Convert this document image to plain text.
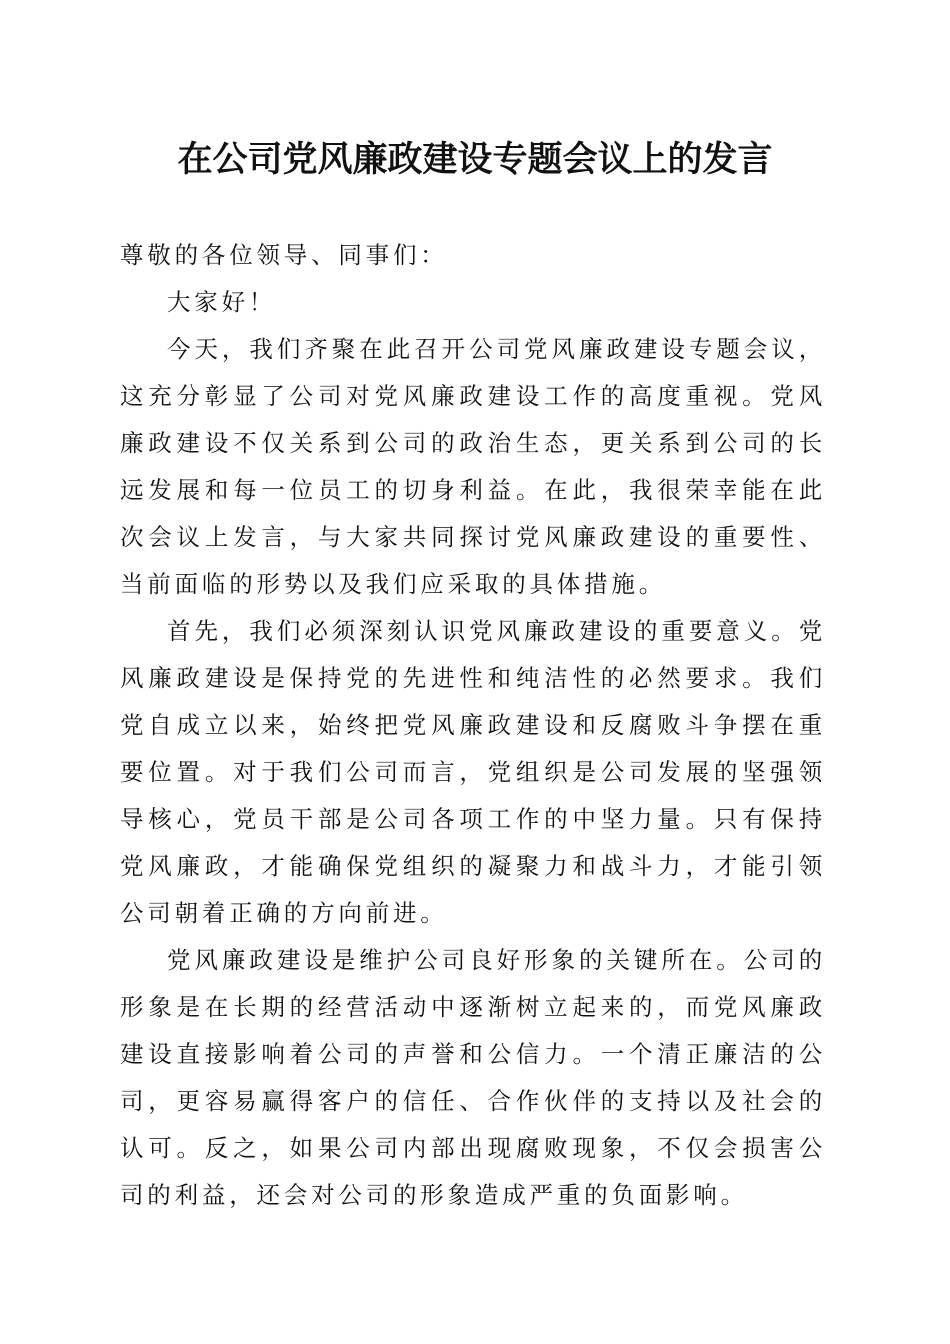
在公司党风廉政建设专题会议上的发言

尊敬的各位领导、同事们：

大家好！

今天，我们齐聚在此召开公司党风廉政建设专题会议，这充分彰显了公司对党风廉政建设工作的高度重视。党风廉政建设不仅关系到公司的政治生态，更关系到公司的长远发展和每一位员工的切身利益。在此，我很荣幸能在此次会议上发言，与大家共同探讨党风廉政建设的重要性、当前面临的形势以及我们应采取的具体措施。

首先，我们必须深刻认识党风廉政建设的重要意义。党风廉政建设是保持党的先进性和纯洁性的必然要求。我们党自成立以来，始终把党风廉政建设和反腐败斗争摆在重要位置。对于我们公司而言，党组织是公司发展的坚强领导核心，党员干部是公司各项工作的中坚力量。只有保持党风廉政，才能确保党组织的凝聚力和战斗力，才能引领公司朝着正确的方向前进。

党风廉政建设是维护公司良好形象的关键所在。公司的形象是在长期的经营活动中逐渐树立起来的，而党风廉政建设直接影响着公司的声誉和公信力。一个清正廉洁的公司，更容易赢得客户的信任、合作伙伴的支持以及社会的认可。反之，如果公司内部出现腐败现象，不仅会损害公司的利益，还会对公司的形象造成严重的负面影响。
